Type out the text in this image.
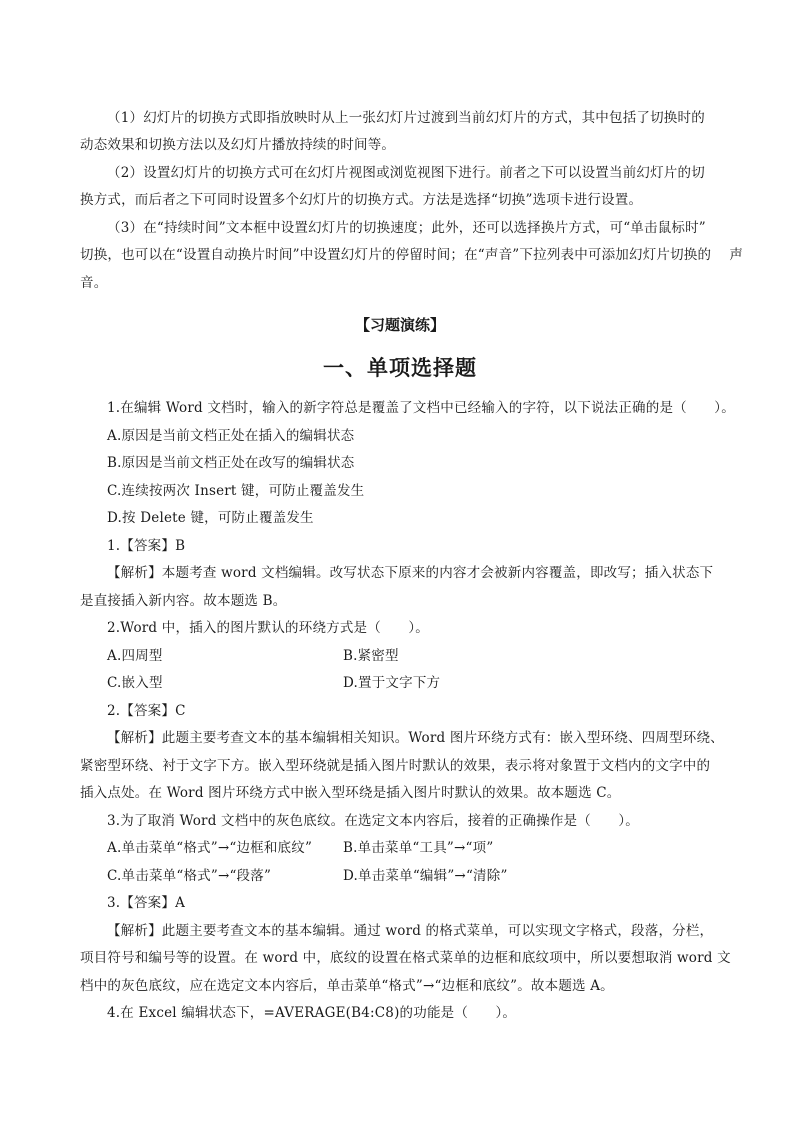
（1）幻灯片的切换方式即指放映时从上一张幻灯片过渡到当前幻灯片的方式，其中包括了切换时的
动态效果和切换方法以及幻灯片播放持续的时间等。
（2）设置幻灯片的切换方式可在幻灯片视图或浏览视图下进行。前者之下可以设置当前幻灯片的切
换方式，而后者之下可同时设置多个幻灯片的切换方式。方法是选择“切换”选项卡进行设置。
（3）在“持续时间”文本框中设置幻灯片的切换速度；此外，还可以选择换片方式，可“单击鼠标时”
切换，也可以在“设置自动换片时间”中设置幻灯片的停留时间；在“声音”下拉列表中可添加幻灯片切换的　 声
音。
【习题演练】
一、单项选择题
1.在编辑 Word 文档时，输入的新字符总是覆盖了文档中已经输入的字符，以下说法正确的是（　　）。
A.原因是当前文档正处在插入的编辑状态
B.原因是当前文档正处在改写的编辑状态
C.连续按两次 Insert 键，可防止覆盖发生
D.按 Delete 键，可防止覆盖发生
1.【答案】B
【解析】本题考查 word 文档编辑。改写状态下原来的内容才会被新内容覆盖，即改写；插入状态下
是直接插入新内容。故本题选 B。
2.Word 中，插入的图片默认的环绕方式是（　　）。
A.四周型	B.紧密型
C.嵌入型	D.置于文字下方
2.【答案】C
【解析】此题主要考查文本的基本编辑相关知识。Word 图片环绕方式有：嵌入型环绕、四周型环绕、
紧密型环绕、衬于文字下方。嵌入型环绕就是插入图片时默认的效果，表示将对象置于文档内的文字中的
插入点处。在 Word 图片环绕方式中嵌入型环绕是插入图片时默认的效果。故本题选 C。
3.为了取消 Word 文档中的灰色底纹。在选定文本内容后，接着的正确操作是（　　）。
A.单击菜单“格式”→“边框和底纹” B.单击菜单“工具”→“项”
C.单击菜单“格式”→“段落”	D.单击菜单“编辑”→“清除”
3.【答案】A
【解析】此题主要考查文本的基本编辑。通过 word 的格式菜单，可以实现文字格式，段落，分栏，
项目符号和编号等的设置。在 word 中，底纹的设置在格式菜单的边框和底纹项中，所以要想取消 word 文
档中的灰色底纹，应在选定文本内容后，单击菜单“格式”→“边框和底纹”。故本题选 A。
4.在 Excel 编辑状态下，=AVERAGE(B4:C8)的功能是（　　）。
